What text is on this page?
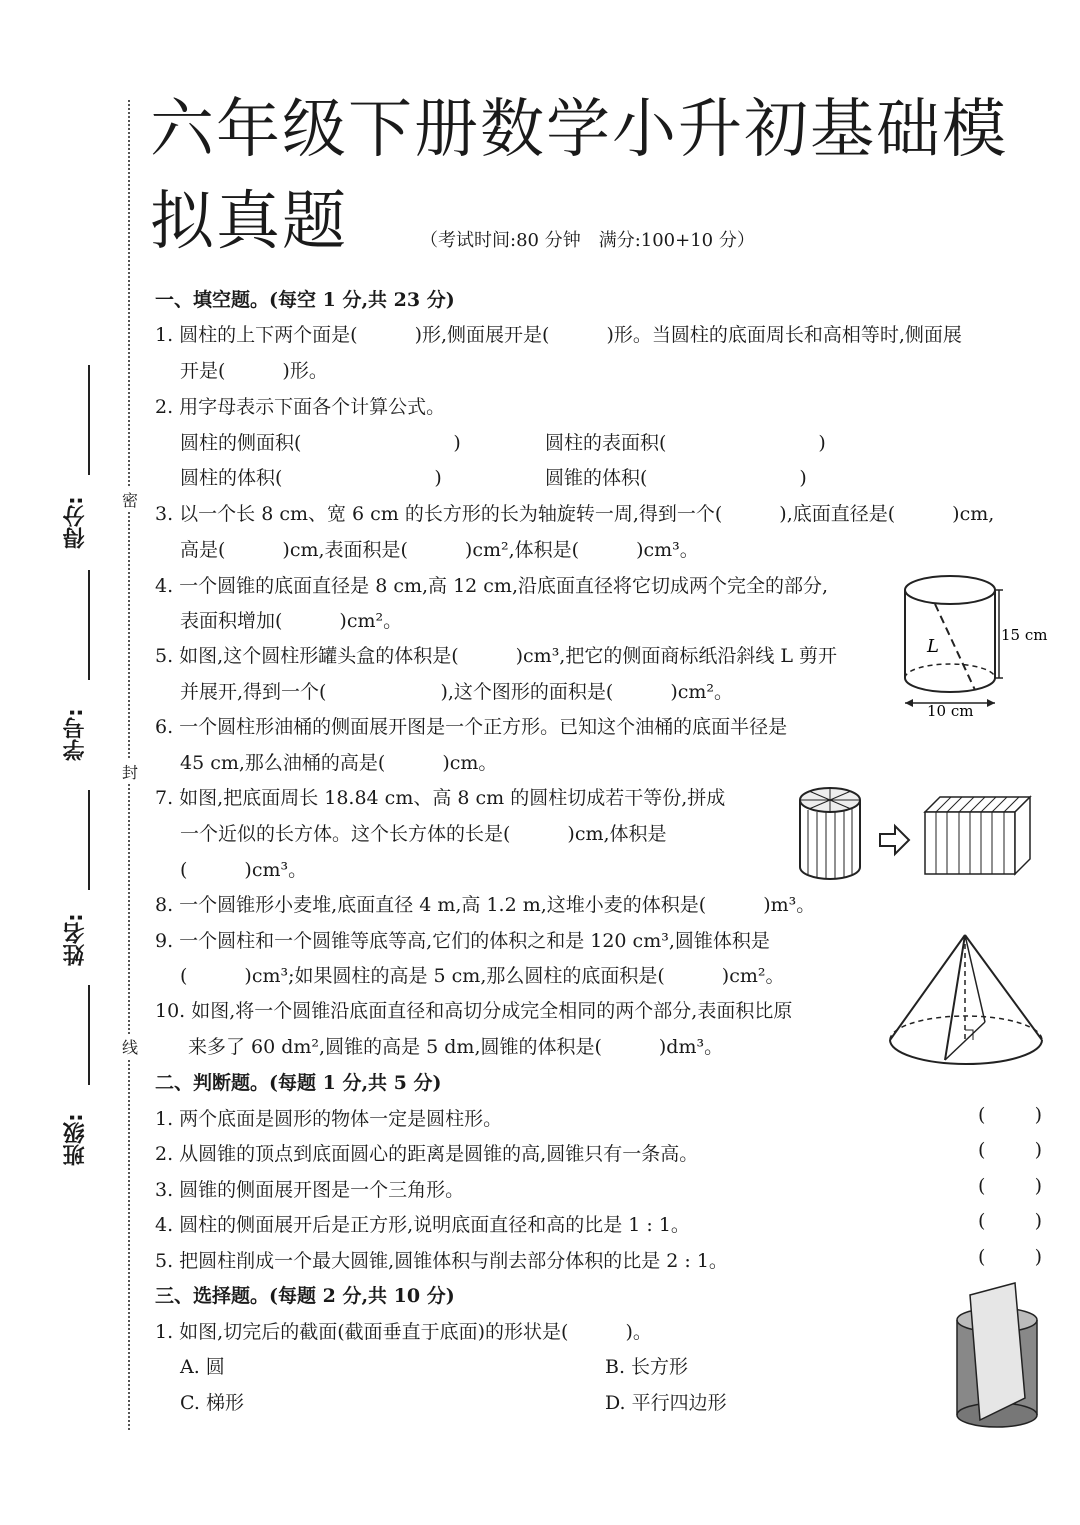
得分:
学号:
姓名:
班级:
密
封
线
六年级下册数学小升初基础模拟真题	（考试时间:80 分钟　满分:100+10 分）
一、填空题。(每空 1 分,共 23 分)
1. 圆柱的上下两个面是(　　　)形,侧面展开是(　　　)形。当圆柱的底面周长和高相等时,侧面展
开是(　　　)形。
2. 用字母表示下面各个计算公式。
圆柱的侧面积(　　　　　　　　)	圆柱的表面积(　　　　　　　　)
圆柱的体积(　　　　　　　　)	圆锥的体积(　　　　　　　　)
3. 以一个长 8 cm、宽 6 cm 的长方形的长为轴旋转一周,得到一个(　　　),底面直径是(　　　)cm,
高是(　　　)cm,表面积是(　　　)cm²,体积是(　　　)cm³。
4. 一个圆锥的底面直径是 8 cm,高 12 cm,沿底面直径将它切成两个完全的部分,
表面积增加(　　　)cm²。
5. 如图,这个圆柱形罐头盒的体积是(　　　)cm³,把它的侧面商标纸沿斜线 L 剪开
并展开,得到一个(　　　　　　),这个图形的面积是(　　　)cm²。
6. 一个圆柱形油桶的侧面展开图是一个正方形。已知这个油桶的底面半径是
45 cm,那么油桶的高是(　　　)cm。
7. 如图,把底面周长 18.84 cm、高 8 cm 的圆柱切成若干等份,拼成
一个近似的长方体。这个长方体的长是(　　　)cm,体积是
(　　　)cm³。
8. 一个圆锥形小麦堆,底面直径 4 m,高 1.2 m,这堆小麦的体积是(　　　)m³。
9. 一个圆柱和一个圆锥等底等高,它们的体积之和是 120 cm³,圆锥体积是
(　　　)cm³;如果圆柱的高是 5 cm,那么圆柱的底面积是(　　　)cm²。
10. 如图,将一个圆锥沿底面直径和高切分成完全相同的两个部分,表面积比原
来多了 60 dm²,圆锥的高是 5 dm,圆锥的体积是(　　　)dm³。
L
15 cm
10 cm
二、判断题。(每题 1 分,共 5 分)
1. 两个底面是圆形的物体一定是圆柱形。	(	)
2. 从圆锥的顶点到底面圆心的距离是圆锥的高,圆锥只有一条高。	(	)
3. 圆锥的侧面展开图是一个三角形。	(	)
4. 圆柱的侧面展开后是正方形,说明底面直径和高的比是 1 : 1。	(	)
5. 把圆柱削成一个最大圆锥,圆锥体积与削去部分体积的比是 2 : 1。	(	)
三、选择题。(每题 2 分,共 10 分)
1. 如图,切完后的截面(截面垂直于底面)的形状是(　　　)。
A. 圆	B. 长方形
C. 梯形	D. 平行四边形
